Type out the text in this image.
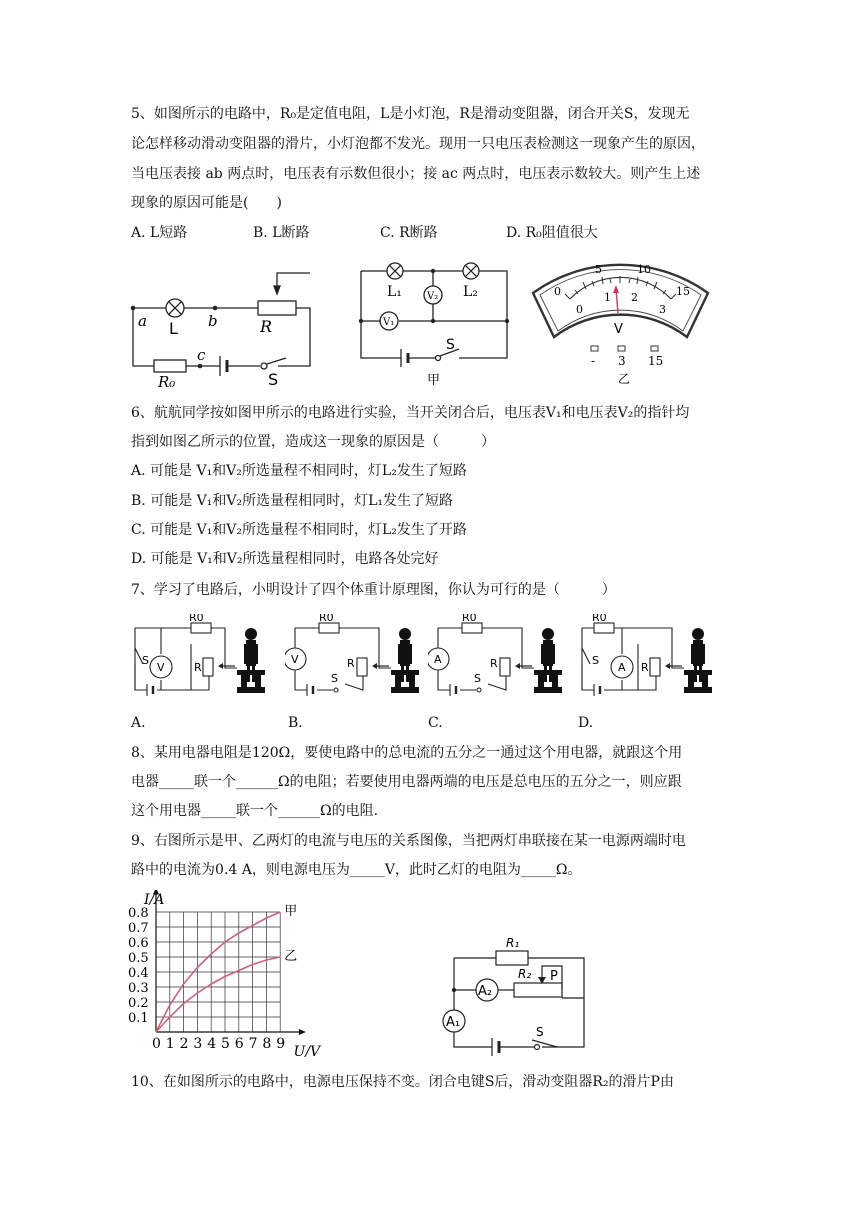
5、如图所示的电路中，R₀是定值电阻，L是小灯泡，R是滑动变阻器，闭合开关S，发现无
论怎样移动滑动变阻器的滑片，小灯泡都不发光。现用一只电压表检测这一现象产生的原因，
当电压表接 ab 两点时，电压表有示数但很小；接 ac 两点时，电压表示数较大。则产生上述
现象的原因可能是(　　)
A. L短路	B. L断路	C. R断路	D. R₀阻值很大
a	b
c
L	R
R₀	S
V₁
V₂
L₁	L₂
S
甲
0
5	10
15
0
1 2
3
V
- 3 15
乙
6、航航同学按如图甲所示的电路进行实验，当开关闭合后，电压表V₁和电压表V₂的指针均
指到如图乙所示的位置，造成这一现象的原因是（　　　）
A. 可能是 V₁和V₂所选量程不相同时，灯L₂发生了短路
B. 可能是 V₁和V₂所选量程相同时，灯L₁发生了短路
C. 可能是 V₁和V₂所选量程不相同时，灯L₂发生了开路
D. 可能是 V₁和V₂所选量程相同时，电路各处完好
7、学习了电路后，小明设计了四个体重计原理图，你认为可行的是（　　　）
S
V	R
R0
V	R
S
R0
A	R
S
R0
S
A R
R0
A.	B.	C.	D.
8、某用电器电阻是120Ω，要使电路中的总电流的五分之一通过这个用电器，就跟这个用
电器_____联一个______Ω的电阻；若要使用电器两端的电压是总电压的五分之一，则应跟
这个用电器_____联一个______Ω的电阻.
9、右图所示是甲、乙两灯的电流与电压的关系图像，当把两灯串联接在某一电源两端时电
路中的电流为0.4 A，则电源电压为_____V，此时乙灯的电阻为_____Ω。
0 1 2 3 4 5 6 7 8 9
0.1
0.2
0.3
0.4
0.5
0.6
0.7
0.8
U/V
I/A
甲
乙
A₁
A₂
R₁
R₂ P
S
10、在如图所示的电路中，电源电压保持不变。闭合电键S后，滑动变阻器R₂的滑片P由
